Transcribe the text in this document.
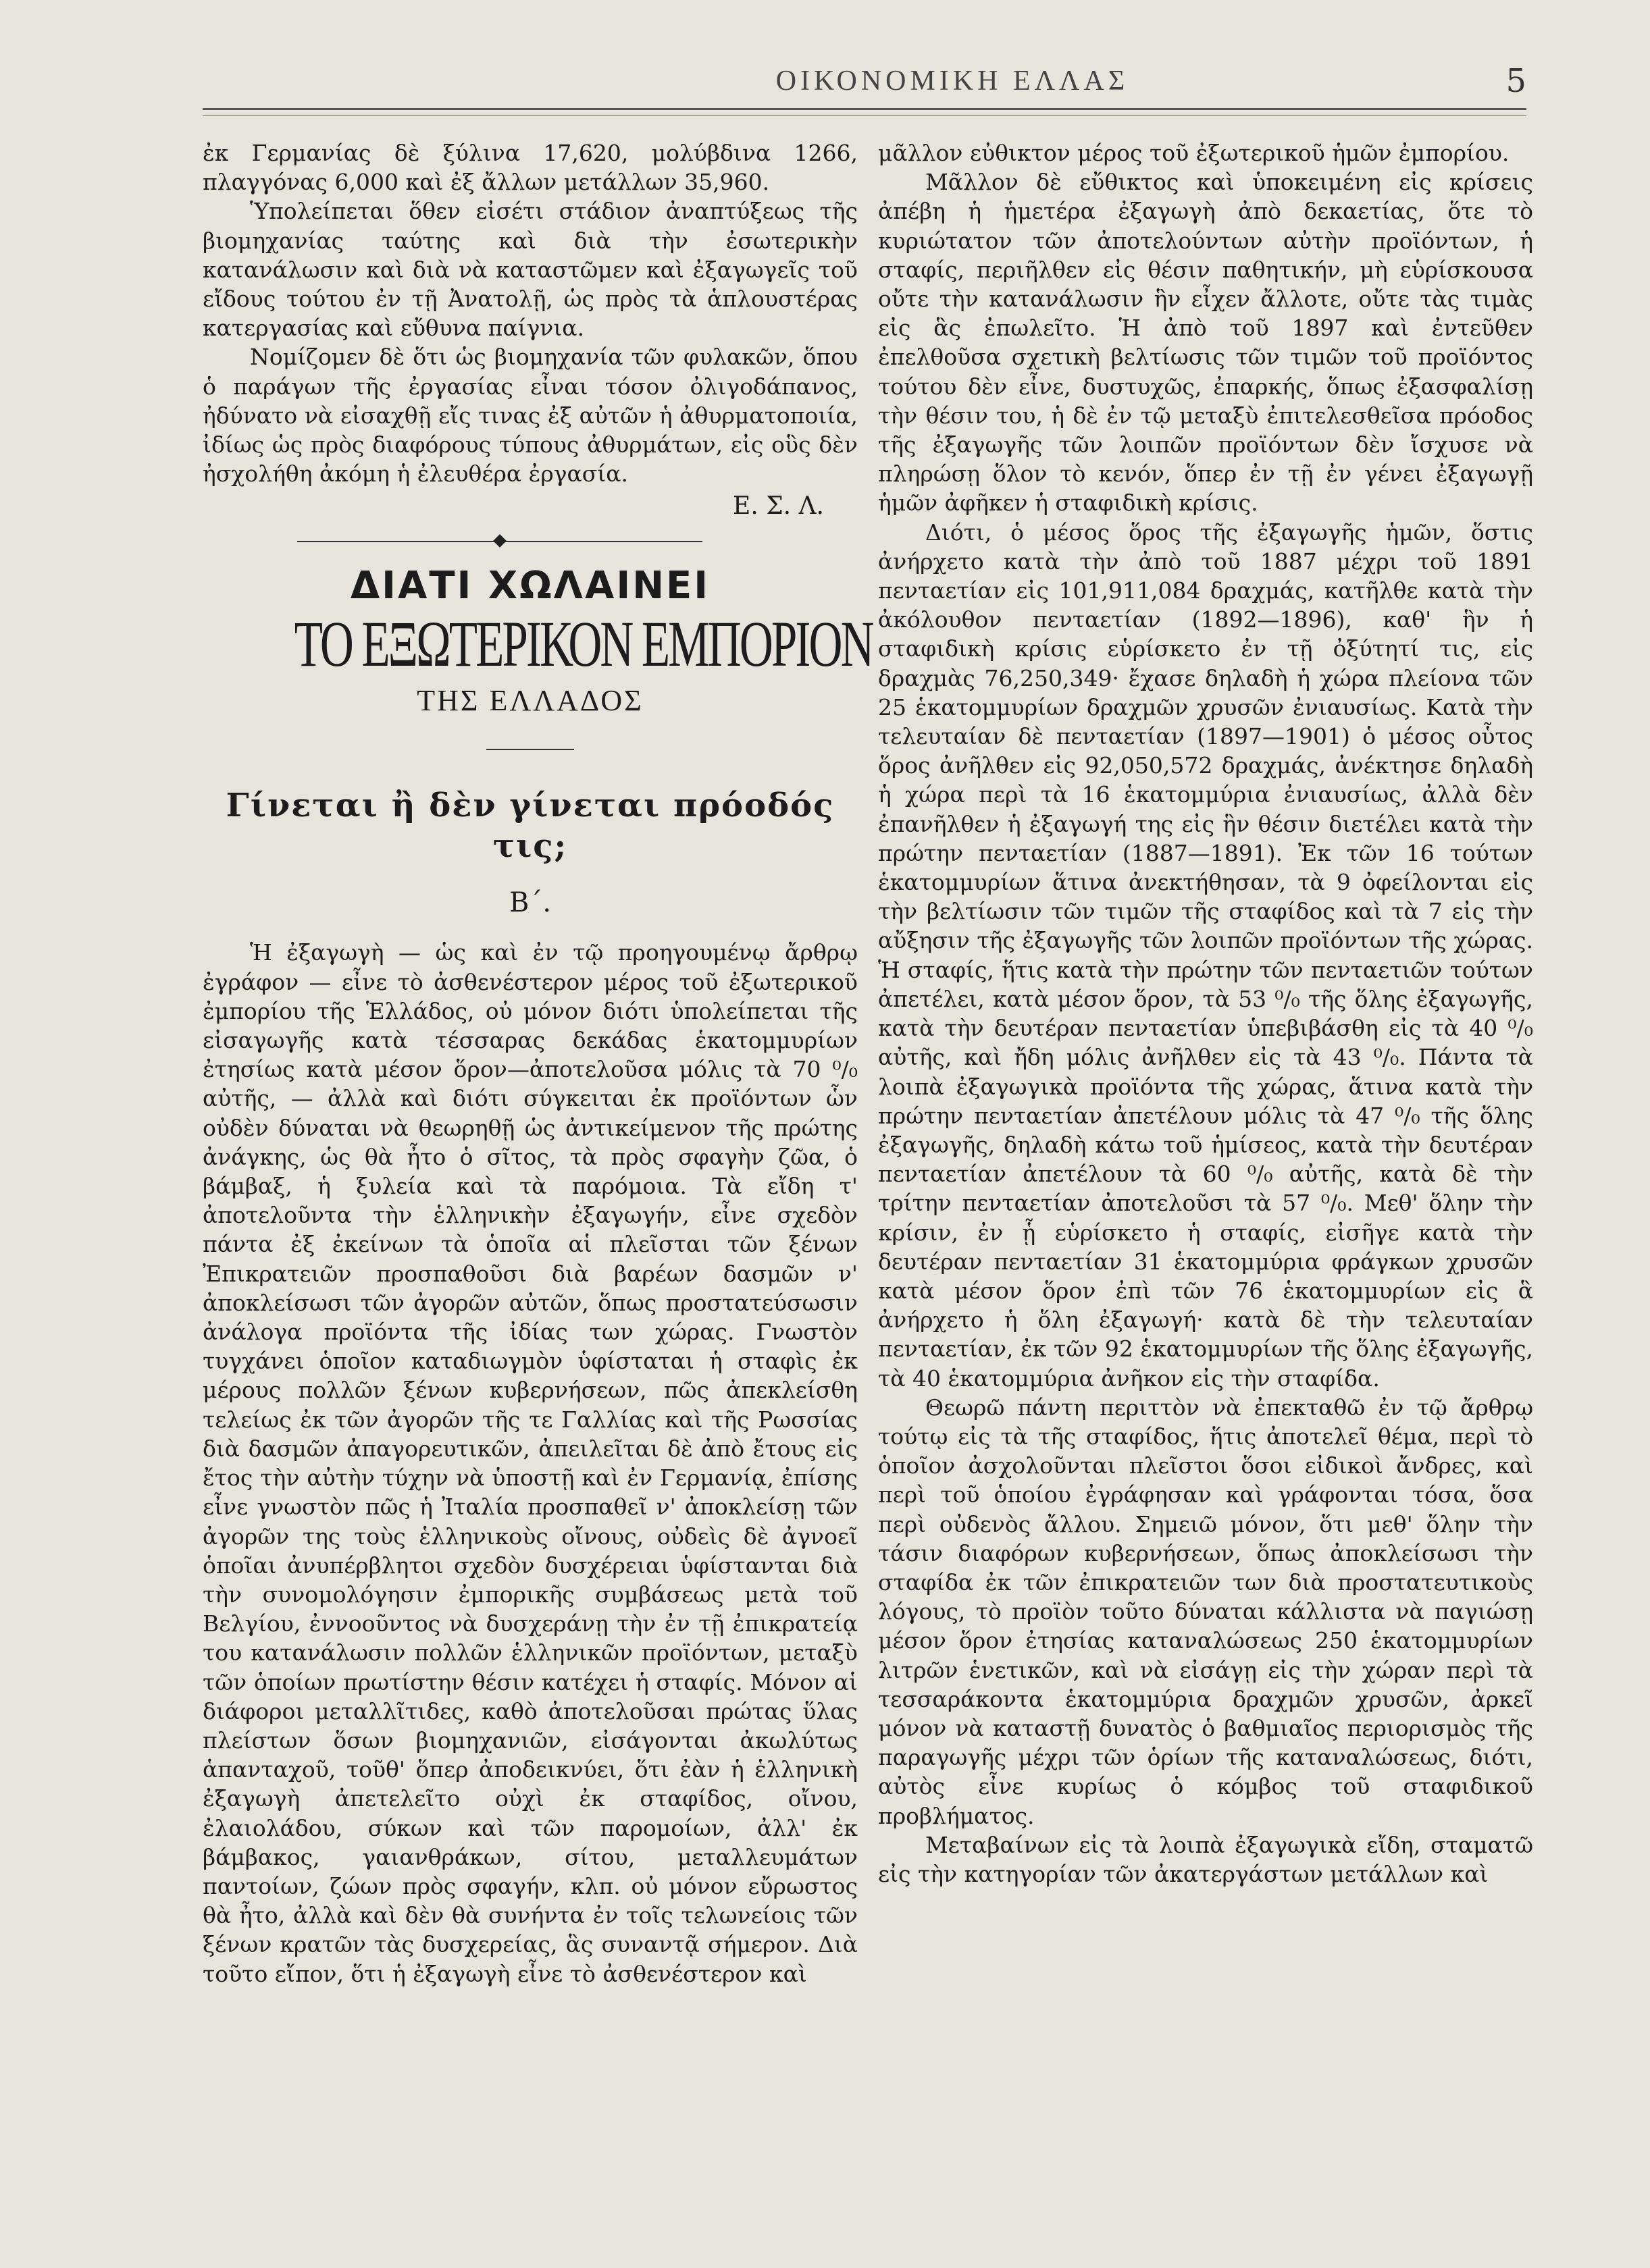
ΟΙΚΟΝΟΜΙΚΗ ΕΛΛΑΣ	5

ἐκ Γερμανίας δὲ ξύλινα 17,620, μολύβδινα 1266, πλαγγόνας 6,000 καὶ ἐξ ἄλλων μετάλλων 35,960.

Ὑπολείπεται ὅθεν εἰσέτι στάδιον ἀναπτύξεως τῆς βιομηχανίας ταύτης καὶ διὰ τὴν ἐσωτερικὴν κατανάλωσιν καὶ διὰ νὰ καταστῶμεν καὶ ἐξαγωγεῖς τοῦ εἴδους τούτου ἐν τῇ Ἀνατολῇ, ὡς πρὸς τὰ ἁπλουστέρας κατεργασίας καὶ εὔθυνα παίγνια.

Νομίζομεν δὲ ὅτι ὡς βιομηχανία τῶν φυλακῶν, ὅπου ὁ παράγων τῆς ἐργασίας εἶναι τόσον ὀλιγοδάπανος, ἠδύνατο νὰ εἰσαχθῇ εἴς τινας ἐξ αὐτῶν ἡ ἀθυρματοποιία, ἰδίως ὡς πρὸς διαφόρους τύπους ἀθυρμάτων, εἰς οὓς δὲν ἠσχολήθη ἀκόμη ἡ ἐλευθέρα ἐργασία.

Ε. Σ. Λ.
ΔΙΑΤΙ ΧΩΛΑΙΝΕΙ
ΤΟ ΕΞΩΤΕΡΙΚΟΝ ΕΜΠΟΡΙΟΝ
ΤΗΣ ΕΛΛΑΔΟΣ
Γίνεται ἢ δὲν γίνεται πρόοδός τις;
Β΄.

Ἡ ἐξαγωγὴ — ὡς καὶ ἐν τῷ προηγουμένῳ ἄρθρῳ ἐγράφον — εἶνε τὸ ἀσθενέστερον μέρος τοῦ ἐξωτερικοῦ ἐμπορίου τῆς Ἑλλάδος, οὐ μόνον διότι ὑπολείπεται τῆς εἰσαγωγῆς κατὰ τέσσαρας δεκάδας ἑκατομμυρίων ἐτησίως κατὰ μέσον ὅρον—ἀποτελοῦσα μόλις τὰ 70 ⁰/₀ αὐτῆς, — ἀλλὰ καὶ διότι σύγκειται ἐκ προϊόντων ὧν οὐδὲν δύναται νὰ θεωρηθῇ ὡς ἀντικείμενον τῆς πρώτης ἀνάγκης, ὡς θὰ ἦτο ὁ σῖτος, τὰ πρὸς σφαγὴν ζῶα, ὁ βάμβαξ, ἡ ξυλεία καὶ τὰ παρόμοια. Τὰ εἴδη τ' ἀποτελοῦντα τὴν ἑλληνικὴν ἐξαγωγήν, εἶνε σχεδὸν πάντα ἐξ ἐκείνων τὰ ὁποῖα αἱ πλεῖσται τῶν ξένων Ἐπικρατειῶν προσπαθοῦσι διὰ βαρέων δασμῶν ν' ἀποκλείσωσι τῶν ἀγορῶν αὐτῶν, ὅπως προστατεύσωσιν ἀνάλογα προϊόντα τῆς ἰδίας των χώρας. Γνωστὸν τυγχάνει ὁποῖον καταδιωγμὸν ὑφίσταται ἡ σταφὶς ἐκ μέρους πολλῶν ξένων κυβερνήσεων, πῶς ἀπεκλείσθη τελείως ἐκ τῶν ἀγορῶν τῆς τε Γαλλίας καὶ τῆς Ρωσσίας διὰ δασμῶν ἀπαγορευτικῶν, ἀπειλεῖται δὲ ἀπὸ ἔτους εἰς ἔτος τὴν αὐτὴν τύχην νὰ ὑποστῇ καὶ ἐν Γερμανίᾳ, ἐπίσης εἶνε γνωστὸν πῶς ἡ Ἰταλία προσπαθεῖ ν' ἀποκλείσῃ τῶν ἀγορῶν της τοὺς ἑλληνικοὺς οἴνους, οὐδεὶς δὲ ἀγνοεῖ ὁποῖαι ἀνυπέρβλητοι σχεδὸν δυσχέρειαι ὑφίστανται διὰ τὴν συνομολόγησιν ἐμπορικῆς συμβάσεως μετὰ τοῦ Βελγίου, ἐννοοῦντος νὰ δυσχεράνῃ τὴν ἐν τῇ ἐπικρατείᾳ του κατανάλωσιν πολλῶν ἑλληνικῶν προϊόντων, μεταξὺ τῶν ὁποίων πρωτίστην θέσιν κατέχει ἡ σταφίς. Μόνον αἱ διάφοροι μεταλλῖτιδες, καθὸ ἀποτελοῦσαι πρώτας ὕλας πλείστων ὅσων βιομηχανιῶν, εἰσάγονται ἀκωλύτως ἁπανταχοῦ, τοῦθ' ὅπερ ἀποδεικνύει, ὅτι ἐὰν ἡ ἑλληνικὴ ἐξαγωγὴ ἀπετελεῖτο οὐχὶ ἐκ σταφίδος, οἴνου, ἐλαιολάδου, σύκων καὶ τῶν παρομοίων, ἀλλ' ἐκ βάμβακος, γαιανθράκων, σίτου, μεταλλευμάτων παντοίων, ζώων πρὸς σφαγήν, κλπ. οὐ μόνον εὔρωστος θὰ ἦτο, ἀλλὰ καὶ δὲν θὰ συνήντα ἐν τοῖς τελωνείοις τῶν ξένων κρατῶν τὰς δυσχερείας, ἃς συναντᾷ σήμερον. Διὰ τοῦτο εἴπον, ὅτι ἡ ἐξαγωγὴ εἶνε τὸ ἀσθενέστερον καὶ

μᾶλλον εὐθικτον μέρος τοῦ ἐξωτερικοῦ ἡμῶν ἐμπορίου.

Μᾶλλον δὲ εὔθικτος καὶ ὑποκειμένη εἰς κρίσεις ἀπέβη ἡ ἡμετέρα ἐξαγωγὴ ἀπὸ δεκαετίας, ὅτε τὸ κυριώτατον τῶν ἀποτελούντων αὐτὴν προϊόντων, ἡ σταφίς, περιῆλθεν εἰς θέσιν παθητικήν, μὴ εὑρίσκουσα οὔτε τὴν κατανάλωσιν ἣν εἶχεν ἄλλοτε, οὔτε τὰς τιμὰς εἰς ἃς ἐπωλεῖτο. Ἡ ἀπὸ τοῦ 1897 καὶ ἐντεῦθεν ἐπελθοῦσα σχετικὴ βελτίωσις τῶν τιμῶν τοῦ προϊόντος τούτου δὲν εἶνε, δυστυχῶς, ἐπαρκής, ὅπως ἐξασφαλίσῃ τὴν θέσιν του, ἡ δὲ ἐν τῷ μεταξὺ ἐπιτελεσθεῖσα πρόοδος τῆς ἐξαγωγῆς τῶν λοιπῶν προϊόντων δὲν ἴσχυσε νὰ πληρώσῃ ὅλον τὸ κενόν, ὅπερ ἐν τῇ ἐν γένει ἐξαγωγῇ ἡμῶν ἀφῆκεν ἡ σταφιδικὴ κρίσις.

Διότι, ὁ μέσος ὅρος τῆς ἐξαγωγῆς ἡμῶν, ὅστις ἀνήρχετο κατὰ τὴν ἀπὸ τοῦ 1887 μέχρι τοῦ 1891 πενταετίαν εἰς 101,911,084 δραχμάς, κατῆλθε κατὰ τὴν ἀκόλουθον πενταετίαν (1892—1896), καθ' ἣν ἡ σταφιδικὴ κρίσις εὑρίσκετο ἐν τῇ ὀξύτητί τις, εἰς δραχμὰς 76,250,349· ἔχασε δηλαδὴ ἡ χώρα πλείονα τῶν 25 ἑκατομμυρίων δραχμῶν χρυσῶν ἐνιαυσίως. Κατὰ τὴν τελευταίαν δὲ πενταετίαν (1897—1901) ὁ μέσος οὗτος ὅρος ἀνῆλθεν εἰς 92,050,572 δραχμάς, ἀνέκτησε δηλαδὴ ἡ χώρα περὶ τὰ 16 ἑκατομμύρια ἐνιαυσίως, ἀλλὰ δὲν ἐπανῆλθεν ἡ ἐξαγωγή της εἰς ἣν θέσιν διετέλει κατὰ τὴν πρώτην πενταετίαν (1887—1891). Ἐκ τῶν 16 τούτων ἑκατομμυρίων ἅτινα ἀνεκτήθησαν, τὰ 9 ὀφείλονται εἰς τὴν βελτίωσιν τῶν τιμῶν τῆς σταφίδος καὶ τὰ 7 εἰς τὴν αὔξησιν τῆς ἐξαγωγῆς τῶν λοιπῶν προϊόντων τῆς χώρας. Ἡ σταφίς, ἥτις κατὰ τὴν πρώτην τῶν πενταετιῶν τούτων ἀπετέλει, κατὰ μέσον ὅρον, τὰ 53 ⁰/₀ τῆς ὅλης ἐξαγωγῆς, κατὰ τὴν δευτέραν πενταετίαν ὑπεβιβάσθη εἰς τὰ 40 ⁰/₀ αὐτῆς, καὶ ἤδη μόλις ἀνῆλθεν εἰς τὰ 43 ⁰/₀. Πάντα τὰ λοιπὰ ἐξαγωγικὰ προϊόντα τῆς χώρας, ἅτινα κατὰ τὴν πρώτην πενταετίαν ἀπετέλουν μόλις τὰ 47 ⁰/₀ τῆς ὅλης ἐξαγωγῆς, δηλαδὴ κάτω τοῦ ἡμίσεος, κατὰ τὴν δευτέραν πενταετίαν ἀπετέλουν τὰ 60 ⁰/₀ αὐτῆς, κατὰ δὲ τὴν τρίτην πενταετίαν ἀποτελοῦσι τὰ 57 ⁰/₀. Μεθ' ὅλην τὴν κρίσιν, ἐν ᾗ εὑρίσκετο ἡ σταφίς, εἰσῆγε κατὰ τὴν δευτέραν πενταετίαν 31 ἑκατομμύρια φράγκων χρυσῶν κατὰ μέσον ὅρον ἐπὶ τῶν 76 ἑκατομμυρίων εἰς ἃ ἀνήρχετο ἡ ὅλη ἐξαγωγή· κατὰ δὲ τὴν τελευταίαν πενταετίαν, ἐκ τῶν 92 ἑκατομμυρίων τῆς ὅλης ἐξαγωγῆς, τὰ 40 ἑκατομμύρια ἀνῆκον εἰς τὴν σταφίδα.

Θεωρῶ πάντη περιττὸν νὰ ἐπεκταθῶ ἐν τῷ ἄρθρῳ τούτῳ εἰς τὰ τῆς σταφίδος, ἥτις ἀποτελεῖ θέμα, περὶ τὸ ὁποῖον ἀσχολοῦνται πλεῖστοι ὅσοι εἰδικοὶ ἄνδρες, καὶ περὶ τοῦ ὁποίου ἐγράφησαν καὶ γράφονται τόσα, ὅσα περὶ οὐδενὸς ἄλλου. Σημειῶ μόνον, ὅτι μεθ' ὅλην τὴν τάσιν διαφόρων κυβερνήσεων, ὅπως ἀποκλείσωσι τὴν σταφίδα ἐκ τῶν ἐπικρατειῶν των διὰ προστατευτικοὺς λόγους, τὸ προϊὸν τοῦτο δύναται κάλλιστα νὰ παγιώσῃ μέσον ὅρον ἐτησίας καταναλώσεως 250 ἑκατομμυρίων λιτρῶν ἑνετικῶν, καὶ νὰ εἰσάγῃ εἰς τὴν χώραν περὶ τὰ τεσσαράκοντα ἑκατομμύρια δραχμῶν χρυσῶν, ἀρκεῖ μόνον νὰ καταστῇ δυνατὸς ὁ βαθμιαῖος περιορισμὸς τῆς παραγωγῆς μέχρι τῶν ὁρίων τῆς καταναλώσεως, διότι, αὐτὸς εἶνε κυρίως ὁ κόμβος τοῦ σταφιδικοῦ προβλήματος.

Μεταβαίνων εἰς τὰ λοιπὰ ἐξαγωγικὰ εἴδη, σταματῶ εἰς τὴν κατηγορίαν τῶν ἀκατεργάστων μετάλλων καὶ
